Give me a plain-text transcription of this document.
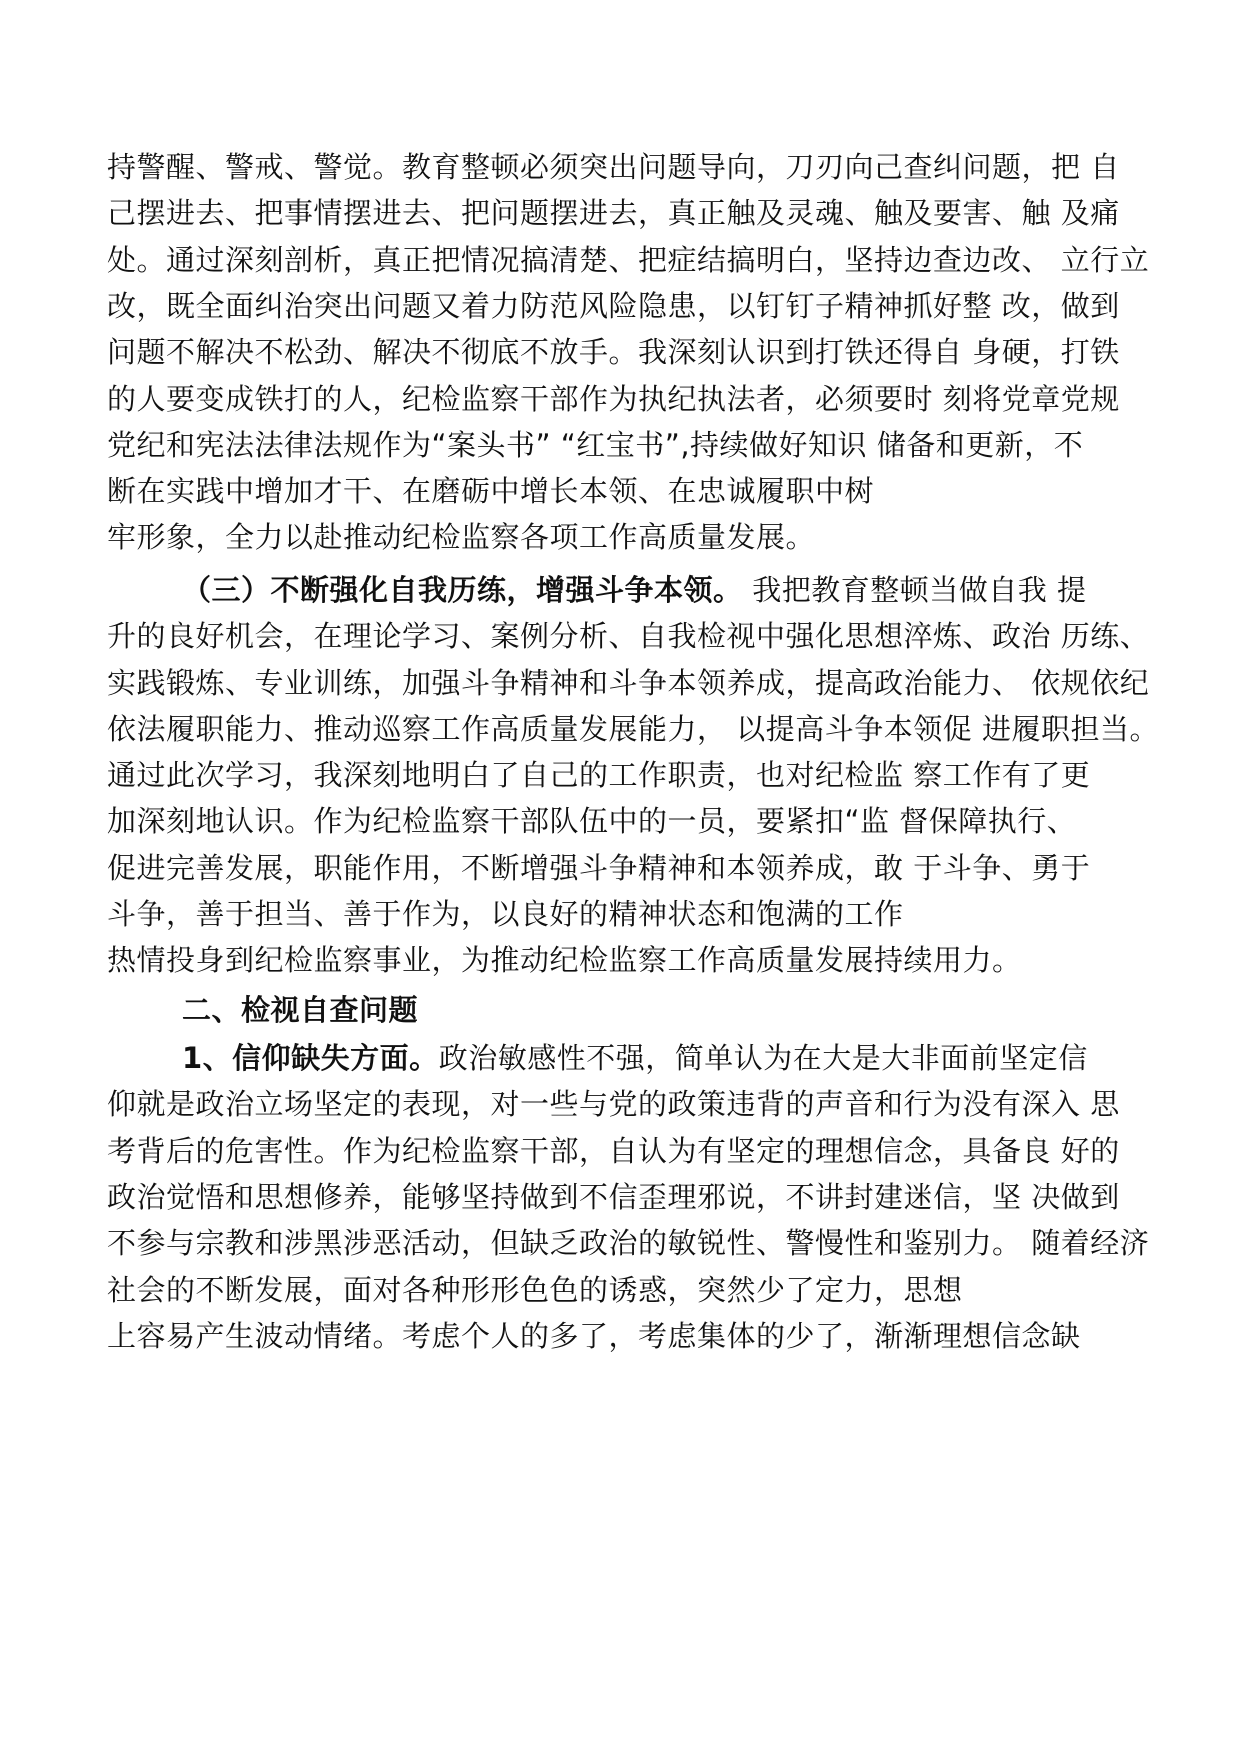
持警醒、警戒、警觉。教育整顿必须突出问题导向，刀刃向己查纠问题，把 自
己摆进去、把事情摆进去、把问题摆进去，真正触及灵魂、触及要害、触 及痛
处。通过深刻剖析，真正把情况搞清楚、把症结搞明白，坚持边查边改、 立行立
改，既全面纠治突出问题又着力防范风险隐患，以钉钉子精神抓好整 改，做到
问题不解决不松劲、解决不彻底不放手。我深刻认识到打铁还得自 身硬，打铁
的人要变成铁打的人，纪检监察干部作为执纪执法者，必须要时 刻将党章党规
党纪和宪法法律法规作为“案头书” “红宝书”,持续做好知识 储备和更新，不
断在实践中增加才干、在磨砺中增长本领、在忠诚履职中树
牢形象，全力以赴推动纪检监察各项工作高质量发展。
（三）不断强化自我历练，增强斗争本领。 我把教育整顿当做自我 提
升的良好机会，在理论学习、案例分析、自我检视中强化思想淬炼、政治 历练、
实践锻炼、专业训练，加强斗争精神和斗争本领养成，提高政治能力、 依规依纪
依法履职能力、推动巡察工作高质量发展能力， 以提高斗争本领促 进履职担当。
通过此次学习，我深刻地明白了自己的工作职责，也对纪检监 察工作有了更
加深刻地认识。作为纪检监察干部队伍中的一员，要紧扣“监 督保障执行、
促进完善发展，职能作用，不断增强斗争精神和本领养成，敢 于斗争、勇于
斗争，善于担当、善于作为，以良好的精神状态和饱满的工作
热情投身到纪检监察事业，为推动纪检监察工作高质量发展持续用力。
二、检视自查问题
1、信仰缺失方面。政治敏感性不强，简单认为在大是大非面前坚定信
仰就是政治立场坚定的表现，对一些与党的政策违背的声音和行为没有深入 思
考背后的危害性。作为纪检监察干部，自认为有坚定的理想信念，具备良 好的
政治觉悟和思想修养，能够坚持做到不信歪理邪说，不讲封建迷信，坚 决做到
不参与宗教和涉黑涉恶活动，但缺乏政治的敏锐性、警慢性和鉴别力。 随着经济
社会的不断发展，面对各种形形色色的诱惑，突然少了定力，思想
上容易产生波动情绪。考虑个人的多了，考虑集体的少了，渐渐理想信念缺
